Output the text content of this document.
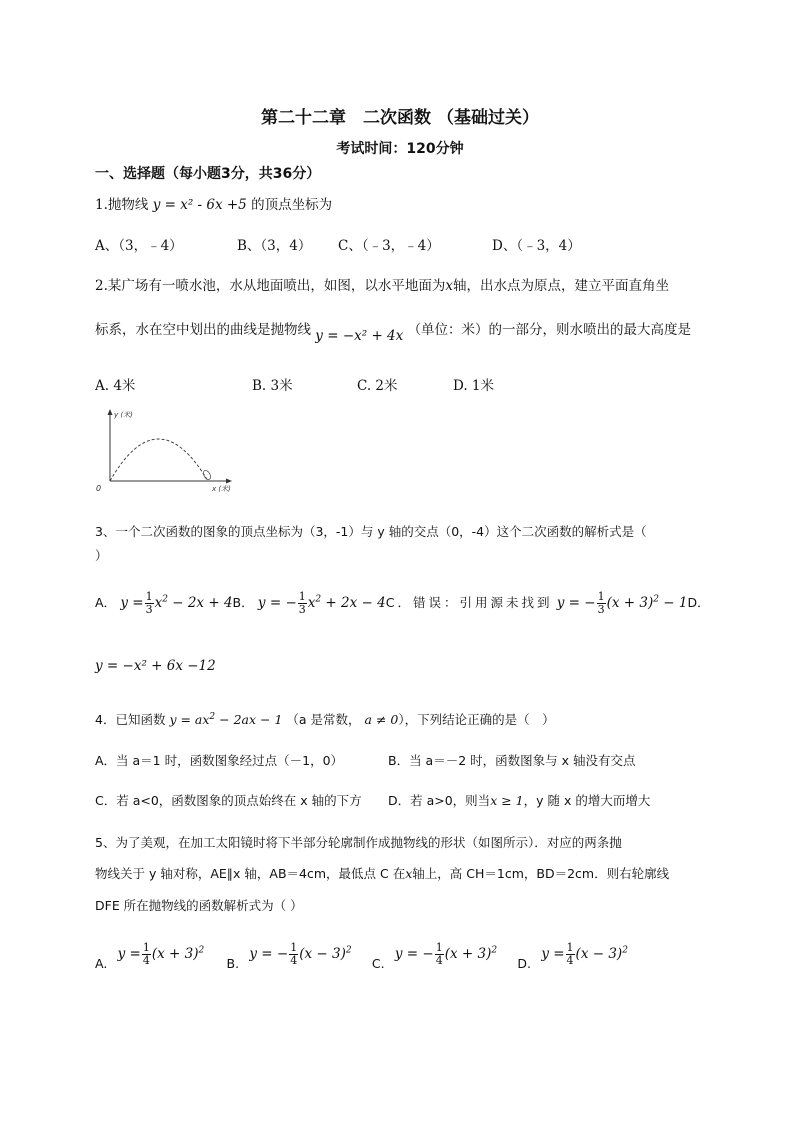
第二十二章　二次函数 （基础过关）
考试时间：120分钟
一、选择题（每小题3分，共36分）
1.抛物线 y = x² - 6x +5 的顶点坐标为
A、（3，﹣4）	B、（3，4） C、（﹣3，﹣4）	D、（﹣3，4）
2.某广场有一喷水池，水从地面喷出，如图，以水平地面为x轴，出水点为原点，建立平面直角坐
标系，水在空中划出的曲线是抛物线 y = −x² + 4x （单位：米）的一部分，则水喷出的最大高度是
A. 4米	B. 3米	C. 2米	D. 1米
y (米)
x (米)
0
3、一个二次函数的图象的顶点坐标为（3，-1）与 y 轴的交点（0，-4）这个二次函数的解析式是（
）
A． $y = \frac{1}{3} x^2 - 2x + 4B$． y = − $\frac{1}{3} x^2 + 2x - 4C$．错误：引用源未找到 y = − $\frac{1}{3} (x + 3)^2 - 1D$．
y = −x² + 6x −12
4．已知函数 $y = ax^2 - 2ax - 1$ （a 是常数， a ≠ 0），下列结论正确的是（　）
A．当 a＝1 时，函数图象经过点（－1，0）	B．当 a＝－2 时，函数图象与 x 轴没有交点
C．若 a<0，函数图象的顶点始终在 x 轴的下方 D．若 a>0，则当x ≥ 1，y 随 x 的增大而增大
5、为了美观，在加工太阳镜时将下半部分轮廓制作成抛物线的形状（如图所示）．对应的两条抛
物线关于 y 轴对称，AE∥x 轴，AB＝4cm，最低点 C 在x轴上，高 CH＝1cm，BD＝2cm．则右轮廓线
DFE 所在抛物线的函数解析式为（ ）
A. $y = \frac{1}{4} (x + 3)^2$ B. y = − $\frac{1}{4} (x - 3)^2$ C. y = − $\frac{1}{4} (x + 3)^2$ D. $y = \frac{1}{4} (x - 3)^2$
